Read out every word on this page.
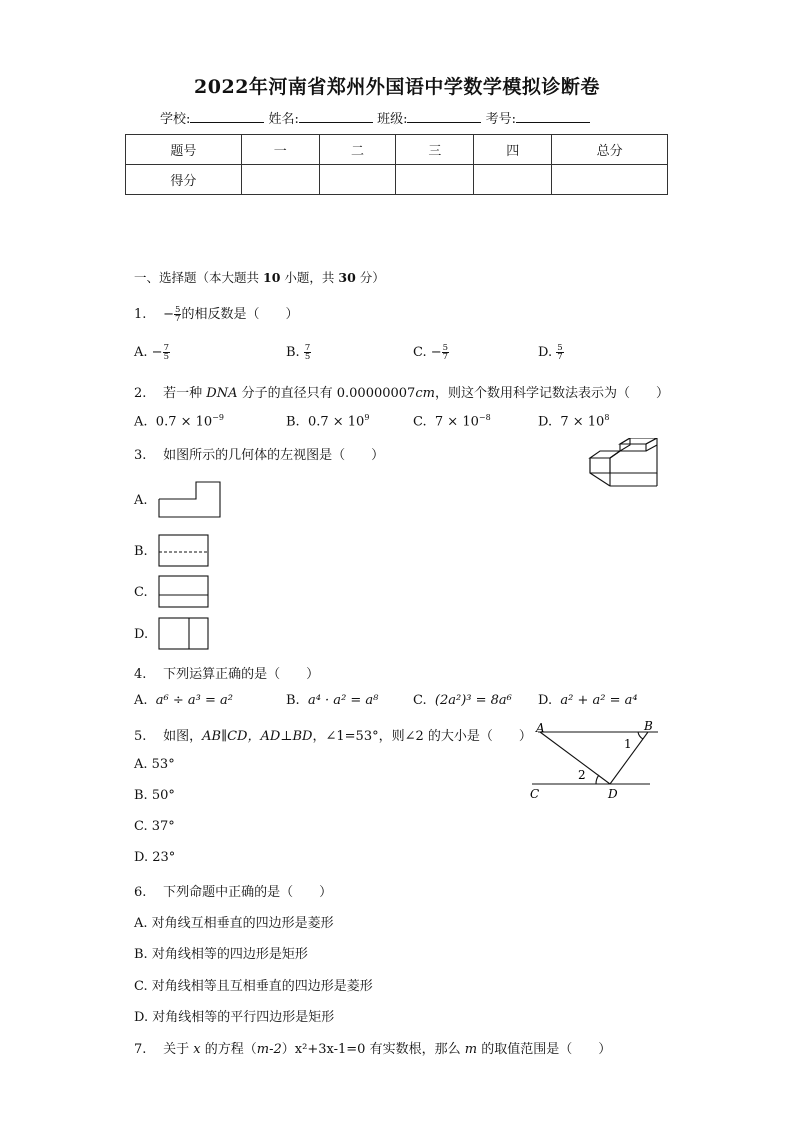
2022年河南省郑州外国语中学数学模拟诊断卷
学校:	姓名:	班级:	考号:
题号	一	二	三	四	总分
得分					
一、选择题（本大题共 10 小题，共 30 分）
1. − $\frac{5}{7}$ 的相反数是（　　）
A. − $\frac{7}{5}$	B. $\frac{7}{5}$	C. − $\frac{5}{7}$	D. $\frac{5}{7}$
2. 若一种 DNA 分子的直径只有 0.00000007cm，则这个数用科学记数法表示为（　　）
A. $0.7 \times 10^{-9}$	B. $0.7 \times 10^9$	C. $7 \times 10^{-8}$	D. $7 \times 10^8$
3. 如图所示的几何体的左视图是（　　）
A.
B.
C.
D.
4. 下列运算正确的是（　　）
A. a⁶ ÷ a³ = a²	B. a⁴ · a² = a⁸	C. (2a²)³ = 8a⁶ D. a² + a² = a⁴
5. 如图，AB∥CD，AD⊥BD，∠1=53°，则∠2 的大小是（　　）
A. 53°
B. 50°
C. 37°
D. 23°
A	B
C	D
1
2
6. 下列命题中正确的是（　　）
A. 对角线互相垂直的四边形是菱形
B. 对角线相等的四边形是矩形
C. 对角线相等且互相垂直的四边形是菱形
D. 对角线相等的平行四边形是矩形
7. 关于 x 的方程（m-2）x²+3x-1=0 有实数根，那么 m 的取值范围是（　　）
